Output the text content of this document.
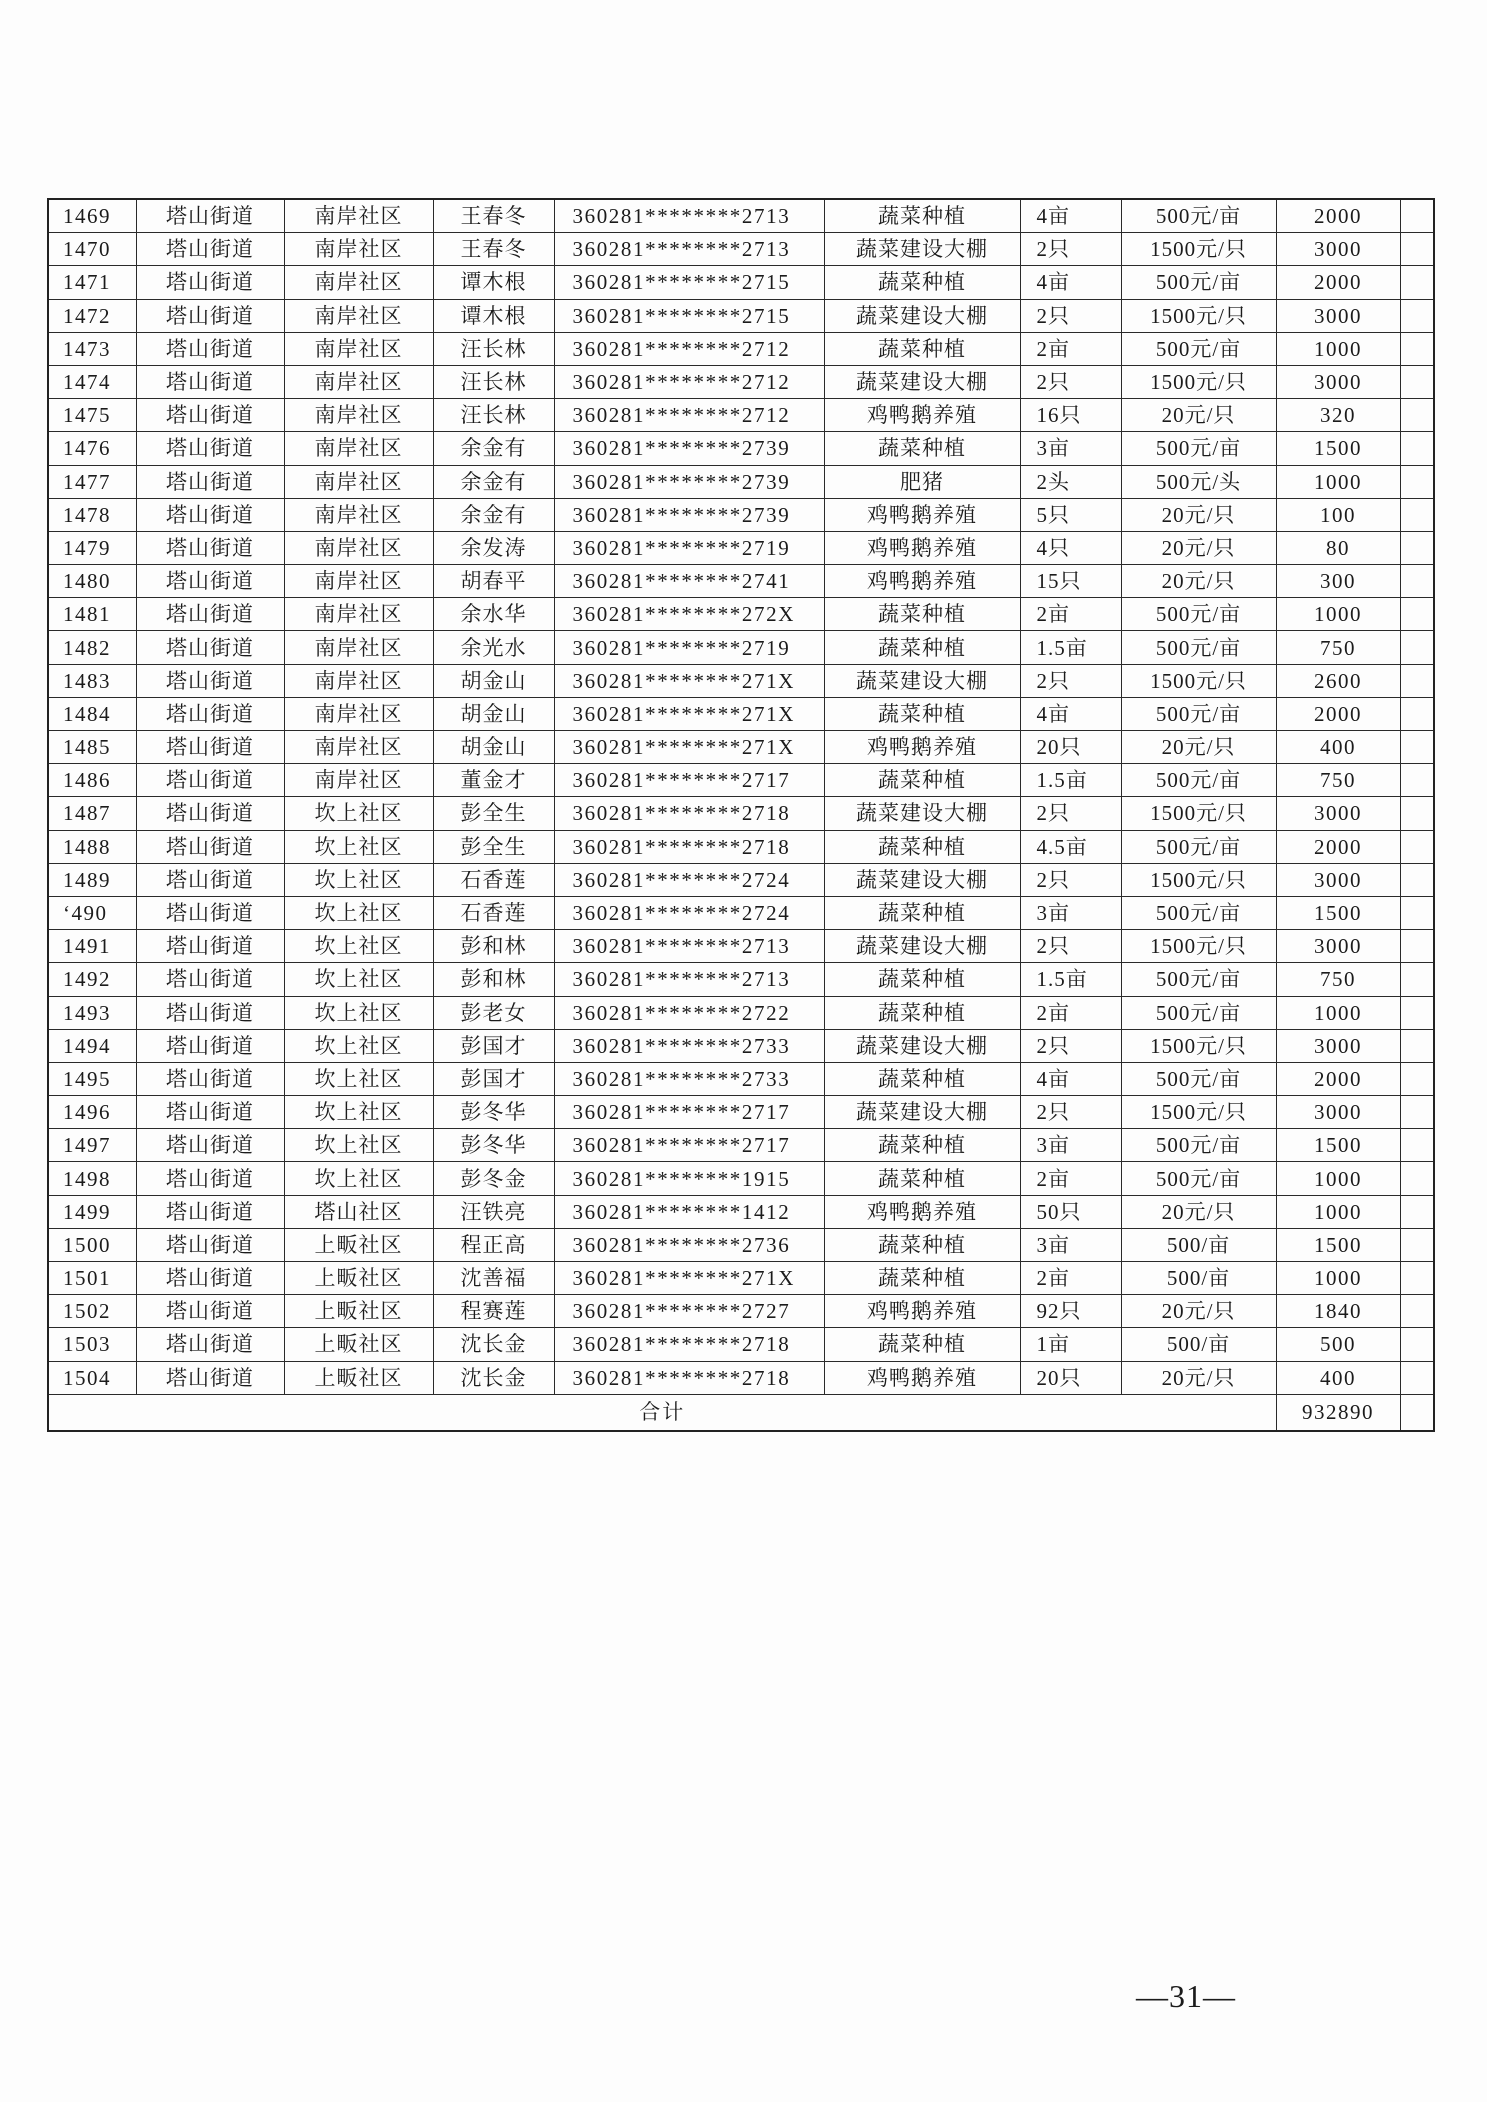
1469	塔山街道	南岸社区	王春冬	360281********2713	蔬菜种植	4亩	500元/亩	2000	
1470	塔山街道	南岸社区	王春冬	360281********2713	蔬菜建设大棚	2只	1500元/只	3000	
1471	塔山街道	南岸社区	谭木根	360281********2715	蔬菜种植	4亩	500元/亩	2000	
1472	塔山街道	南岸社区	谭木根	360281********2715	蔬菜建设大棚	2只	1500元/只	3000	
1473	塔山街道	南岸社区	汪长林	360281********2712	蔬菜种植	2亩	500元/亩	1000	
1474	塔山街道	南岸社区	汪长林	360281********2712	蔬菜建设大棚	2只	1500元/只	3000	
1475	塔山街道	南岸社区	汪长林	360281********2712	鸡鸭鹅养殖	16只	20元/只	320	
1476	塔山街道	南岸社区	余金有	360281********2739	蔬菜种植	3亩	500元/亩	1500	
1477	塔山街道	南岸社区	余金有	360281********2739	肥猪	2头	500元/头	1000	
1478	塔山街道	南岸社区	余金有	360281********2739	鸡鸭鹅养殖	5只	20元/只	100	
1479	塔山街道	南岸社区	余发涛	360281********2719	鸡鸭鹅养殖	4只	20元/只	80	
1480	塔山街道	南岸社区	胡春平	360281********2741	鸡鸭鹅养殖	15只	20元/只	300	
1481	塔山街道	南岸社区	余水华	360281********272X	蔬菜种植	2亩	500元/亩	1000	
1482	塔山街道	南岸社区	余光水	360281********2719	蔬菜种植	1.5亩	500元/亩	750	
1483	塔山街道	南岸社区	胡金山	360281********271X	蔬菜建设大棚	2只	1500元/只	2600	
1484	塔山街道	南岸社区	胡金山	360281********271X	蔬菜种植	4亩	500元/亩	2000	
1485	塔山街道	南岸社区	胡金山	360281********271X	鸡鸭鹅养殖	20只	20元/只	400	
1486	塔山街道	南岸社区	董金才	360281********2717	蔬菜种植	1.5亩	500元/亩	750	
1487	塔山街道	坎上社区	彭全生	360281********2718	蔬菜建设大棚	2只	1500元/只	3000	
1488	塔山街道	坎上社区	彭全生	360281********2718	蔬菜种植	4.5亩	500元/亩	2000	
1489	塔山街道	坎上社区	石香莲	360281********2724	蔬菜建设大棚	2只	1500元/只	3000	
ʻ490	塔山街道	坎上社区	石香莲	360281********2724	蔬菜种植	3亩	500元/亩	1500	
1491	塔山街道	坎上社区	彭和林	360281********2713	蔬菜建设大棚	2只	1500元/只	3000	
1492	塔山街道	坎上社区	彭和林	360281********2713	蔬菜种植	1.5亩	500元/亩	750	
1493	塔山街道	坎上社区	彭老女	360281********2722	蔬菜种植	2亩	500元/亩	1000	
1494	塔山街道	坎上社区	彭国才	360281********2733	蔬菜建设大棚	2只	1500元/只	3000	
1495	塔山街道	坎上社区	彭国才	360281********2733	蔬菜种植	4亩	500元/亩	2000	
1496	塔山街道	坎上社区	彭冬华	360281********2717	蔬菜建设大棚	2只	1500元/只	3000	
1497	塔山街道	坎上社区	彭冬华	360281********2717	蔬菜种植	3亩	500元/亩	1500	
1498	塔山街道	坎上社区	彭冬金	360281********1915	蔬菜种植	2亩	500元/亩	1000	
1499	塔山街道	塔山社区	汪铁亮	360281********1412	鸡鸭鹅养殖	50只	20元/只	1000	
1500	塔山街道	上畈社区	程正高	360281********2736	蔬菜种植	3亩	500/亩	1500	
1501	塔山街道	上畈社区	沈善福	360281********271X	蔬菜种植	2亩	500/亩	1000	
1502	塔山街道	上畈社区	程赛莲	360281********2727	鸡鸭鹅养殖	92只	20元/只	1840	
1503	塔山街道	上畈社区	沈长金	360281********2718	蔬菜种植	1亩	500/亩	500	
1504	塔山街道	上畈社区	沈长金	360281********2718	鸡鸭鹅养殖	20只	20元/只	400	
合计								932890	
—31—
